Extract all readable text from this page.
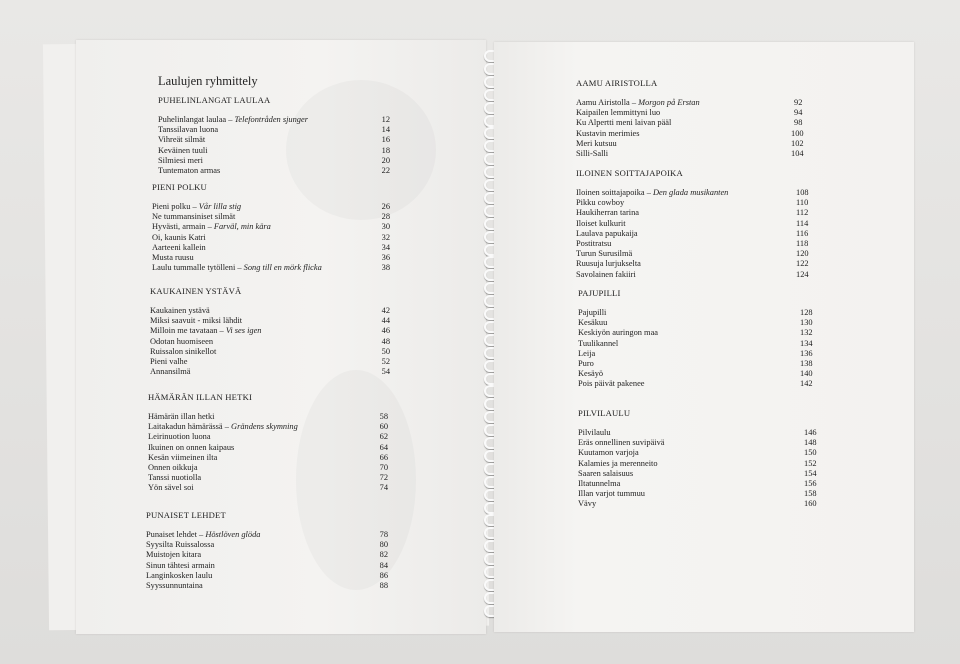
Laulujen ryhmittely
PUHELINLANGAT LAULAA
Puhelinlangat laulaa – Telefontråden sjunger	12
Tanssilavan luona	14
Vihreät silmät	16
Keväinen tuuli	18
Silmiesi meri	20
Tuntematon armas	22
PIENI POLKU
Pieni polku – Vår lilla stig	26
Ne tummansiniset silmät	28
Hyvästi, armain – Farväl, min kära	30
Oi, kaunis Katri	32
Aarteeni kallein	34
Musta ruusu	36
Laulu tummalle tytölleni – Song till en mörk flicka	38
KAUKAINEN YSTÄVÄ
Kaukainen ystävä	42
Miksi saavuit - miksi lähdit	44
Milloin me tavataan – Vi ses igen	46
Odotan huomiseen	48
Ruissalon sinikellot	50
Pieni valhe	52
Annansilmä	54
HÄMÄRÄN ILLAN HETKI
Hämärän illan hetki	58
Laitakadun hämärässä – Grändens skymning	60
Leirinuotion luona	62
Ikuinen on onnen kaipaus	64
Kesän viimeinen ilta	66
Onnen oikkuja	70
Tanssi nuotiolla	72
Yön sävel soi	74
PUNAISET LEHDET
Punaiset lehdet – Höstlöven glöda	78
Syysilta Ruissalossa	80
Muistojen kitara	82
Sinun tähtesi armain	84
Langinkosken laulu	86
Syyssunnuntaina	88
AAMU AIRISTOLLA
Aamu Airistolla – Morgon på Erstan	92
Kaipailen lemmittyni luo	94
Ku Alpertti meni laivan pääl	98
Kustavin merimies	100
Meri kutsuu	102
Silli-Salli	104
ILOINEN SOITTAJAPOIKA
Iloinen soittajapoika – Den glada musikanten	108
Pikku cowboy	110
Haukiherran tarina	112
Iloiset kulkurit	114
Laulava papukaija	116
Postitratsu	118
Turun Surusilmä	120
Ruusuja lurjukselta	122
Savolainen fakiiri	124
PAJUPILLI
Pajupilli	128
Kesäkuu	130
Keskiyön auringon maa	132
Tuulikannel	134
Leija	136
Puro	138
Kesäyö	140
Pois päivät pakenee	142
PILVILAULU
Pilvilaulu	146
Eräs onnellinen suvipäivä	148
Kuutamon varjoja	150
Kalamies ja merenneito	152
Saaren salaisuus	154
Iltatunnelma	156
Illan varjot tummuu	158
Vävy	160
